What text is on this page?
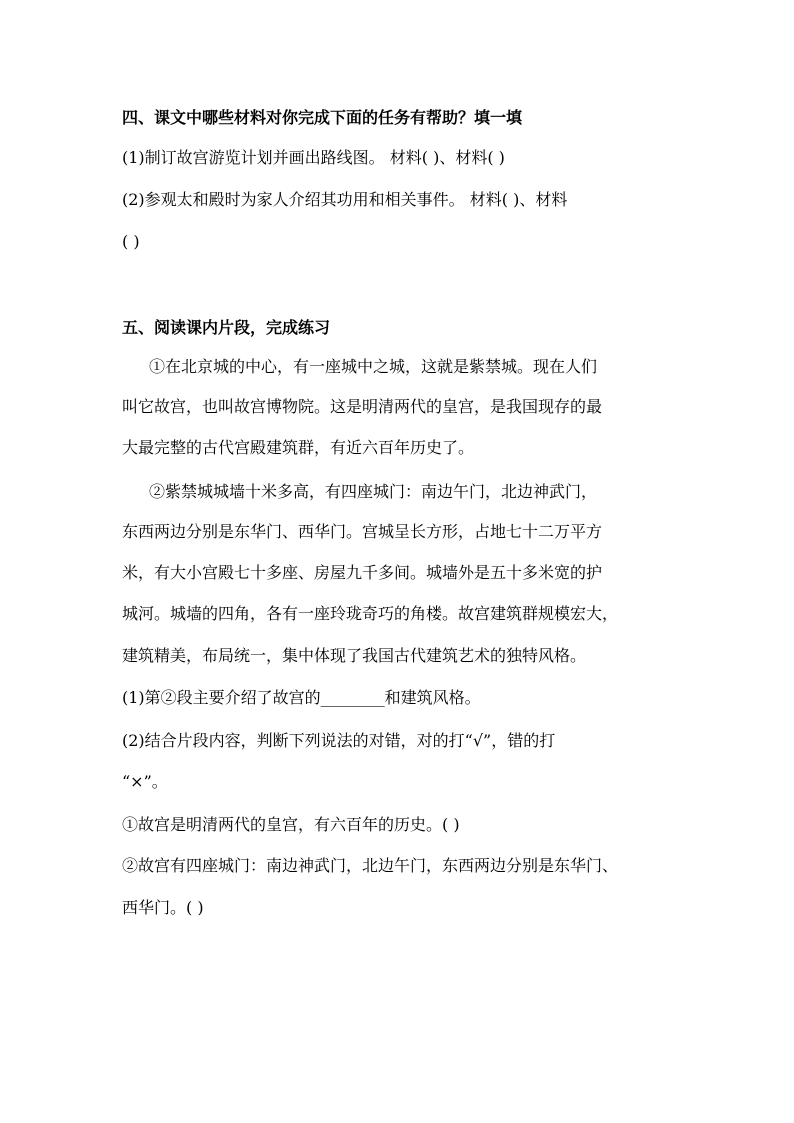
四、课文中哪些材料对你完成下面的任务有帮助？填一填
(1)制订故宫游览计划并画出路线图。 材料( )、材料( )
(2)参观太和殿时为家人介绍其功用和相关事件。 材料( )、材料
( )
五、阅读课内片段，完成练习
①在北京城的中心，有一座城中之城，这就是紫禁城。现在人们
叫它故宫，也叫故宫博物院。这是明清两代的皇宫，是我国现存的最
大最完整的古代宫殿建筑群，有近六百年历史了。
②紫禁城城墙十米多高，有四座城门：南边午门，北边神武门，
东西两边分别是东华门、西华门。宫城呈长方形，占地七十二万平方
米，有大小宫殿七十多座、房屋九千多间。城墙外是五十多米宽的护
城河。城墙的四角，各有一座玲珑奇巧的角楼。故宫建筑群规模宏大，
建筑精美，布局统一，集中体现了我国古代建筑艺术的独特风格。
(1)第②段主要介绍了故宫的________和建筑风格。
(2)结合片段内容，判断下列说法的对错，对的打“√”，错的打
“×”。
①故宫是明清两代的皇宫，有六百年的历史。( )
②故宫有四座城门：南边神武门，北边午门，东西两边分别是东华门、
西华门。( )
